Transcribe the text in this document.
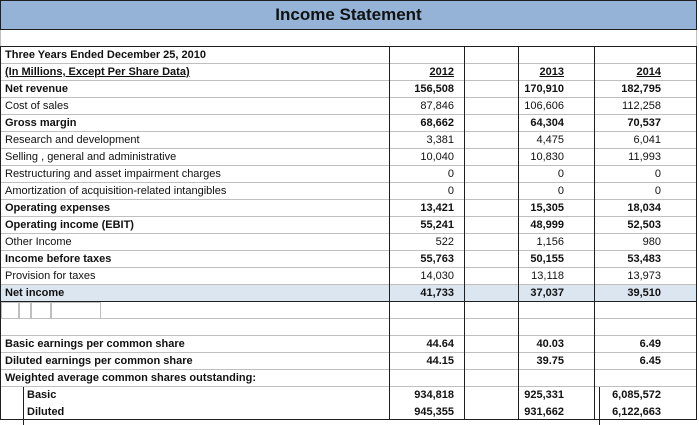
Income Statement
Three Years Ended December 25, 2010
(In Millions, Except Per Share Data)	2012	2013	2014
Net revenue	156,508	170,910	182,795
Cost of sales	87,846	106,606	112,258
Gross margin	68,662	64,304	70,537
Research and development	3,381	4,475	6,041
Selling , general and administrative	10,040	10,830	11,993
Restructuring and asset impairment charges	0	0	0
Amortization of acquisition-related intangibles	0	0	0
Operating expenses	13,421	15,305	18,034
Operating income (EBIT)	55,241	48,999	52,503
Other Income	522	1,156	980
Income before taxes	55,763	50,155	53,483
Provision for taxes	14,030	13,118	13,973
Net income	41,733	37,037	39,510
Basic earnings per common share	44.64	40.03	6.49
Diluted earnings per common share	44.15	39.75	6.45
Weighted average common shares outstanding:
Basic	934,818	925,331	6,085,572
Diluted	945,355	931,662	6,122,663
